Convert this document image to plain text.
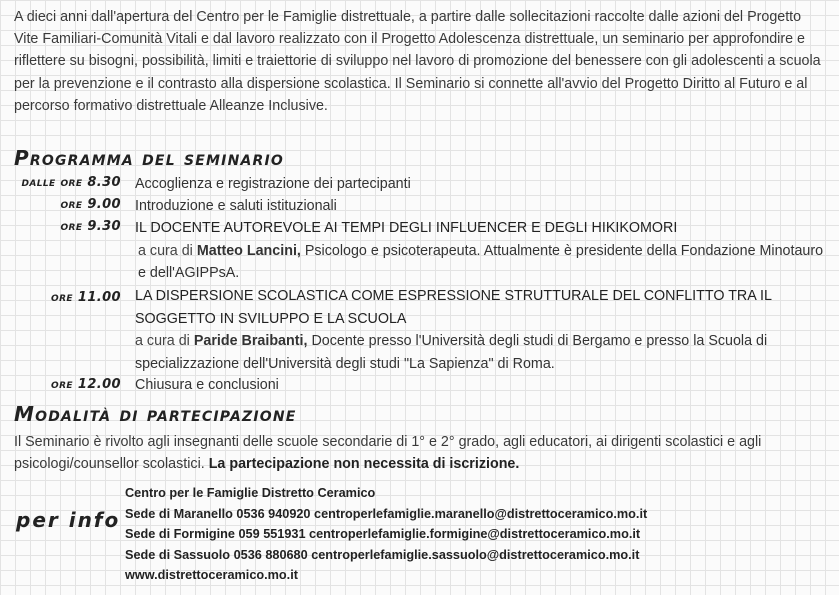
A dieci anni dall'apertura del Centro per le Famiglie distrettuale, a partire dalle sollecitazioni raccolte dalle azioni del Progetto Vite Familiari-Comunità Vitali e dal lavoro realizzato con il Progetto Adolescenza distrettuale, un seminario per approfondire e riflettere su bisogni, possibilità, limiti e traiettorie di sviluppo nel lavoro di promozione del benessere con gli adolescenti a scuola per la prevenzione e il contrasto alla dispersione scolastica. Il Seminario si connette all'avvio del Progetto Diritto al Futuro e al percorso formativo distrettuale Alleanze Inclusive.

Programma del seminario
dalle ore 8.30 Accoglienza e registrazione dei partecipanti

ore 9.00 Introduzione e saluti istituzionali

ore 9.30 IL DOCENTE AUTOREVOLE AI TEMPI DEGLI INFLUENCER E DEGLI HIKIKOMORI
a cura di Matteo Lancini, Psicologo e psicoterapeuta. Attualmente è presidente della Fondazione Minotauro e dell'AGIPPsA.
ore 11.00 LA DISPERSIONE SCOLASTICA COME ESPRESSIONE STRUTTURALE DEL CONFLITTO TRA IL SOGGETTO IN SVILUPPO E LA SCUOLA
a cura di Paride Braibanti, Docente presso l'Università degli studi di Bergamo e presso la Scuola di specializzazione dell'Università degli studi "La Sapienza" di Roma.
ore 12.00 Chiusura e conclusioni

Modalità di partecipazione

Il Seminario è rivolto agli insegnanti delle scuole secondarie di 1° e 2° grado, agli educatori, ai dirigenti scolastici e agli psicologi/counsellor scolastici. La partecipazione non necessita di iscrizione.

per info
Centro per le Famiglie Distretto Ceramico
Sede di Maranello 0536 940920 centroperlefamiglie.maranello@distrettoceramico.mo.it
Sede di Formigine 059 551931 centroperlefamiglie.formigine@distrettoceramico.mo.it
Sede di Sassuolo 0536 880680 centroperlefamiglie.sassuolo@distrettoceramico.mo.it
www.distrettoceramico.mo.it
